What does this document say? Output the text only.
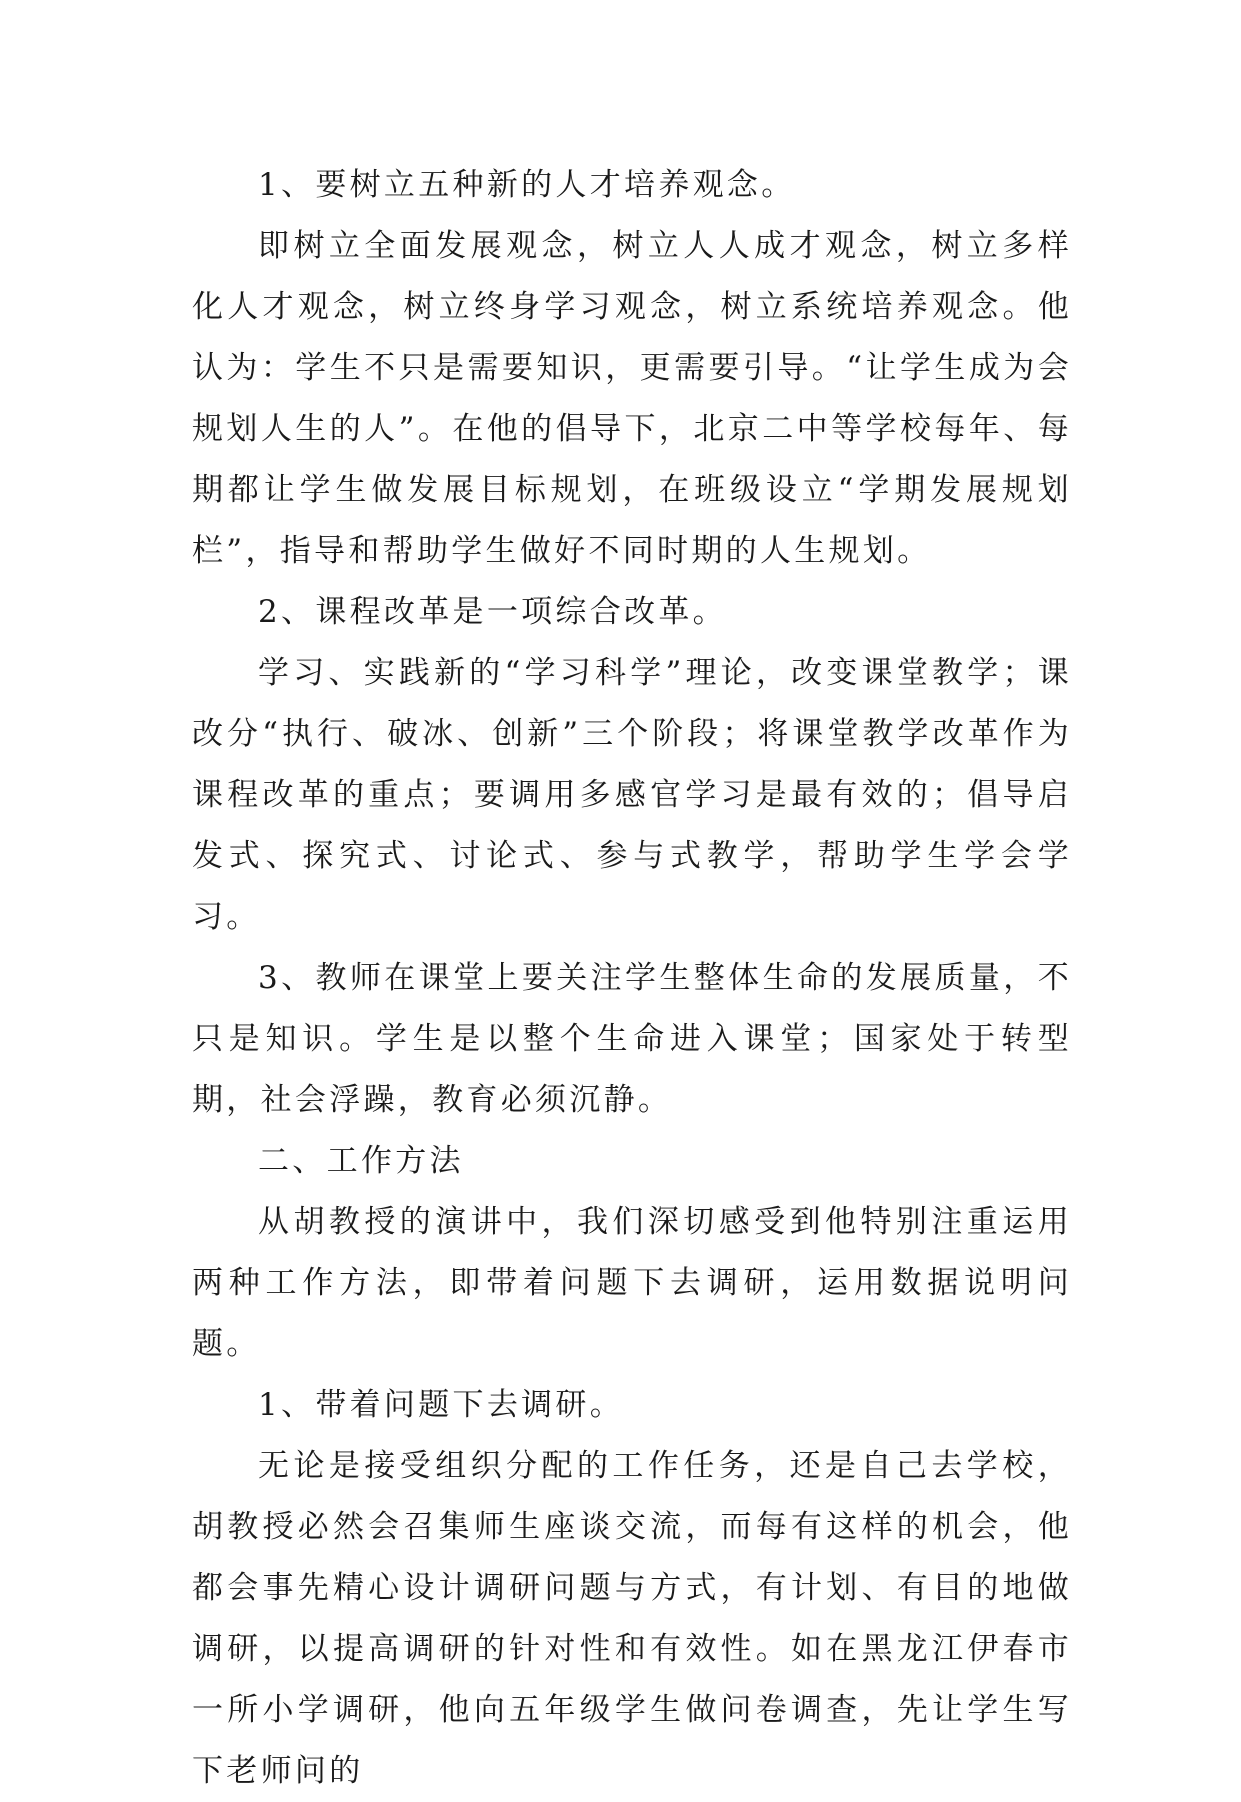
1、要树立五种新的人才培养观念。

即树立全面发展观念，树立人人成才观念，树立多样化人才观念，树立终身学习观念，树立系统培养观念。他认为：学生不只是需要知识，更需要引导。“让学生成为会规划人生的人”。在他的倡导下，北京二中等学校每年、每期都让学生做发展目标规划，在班级设立“学期发展规划栏”，指导和帮助学生做好不同时期的人生规划。

2、课程改革是一项综合改革。

学习、实践新的“学习科学”理论，改变课堂教学；课改分“执行、破冰、创新”三个阶段；将课堂教学改革作为课程改革的重点；要调用多感官学习是最有效的；倡导启发式、探究式、讨论式、参与式教学，帮助学生学会学习。

3、教师在课堂上要关注学生整体生命的发展质量，不只是知识。学生是以整个生命进入课堂；国家处于转型期，社会浮躁，教育必须沉静。

二、工作方法

从胡教授的演讲中，我们深切感受到他特别注重运用两种工作方法，即带着问题下去调研，运用数据说明问题。

1、带着问题下去调研。

无论是接受组织分配的工作任务，还是自己去学校，胡教授必然会召集师生座谈交流，而每有这样的机会，他都会事先精心设计调研问题与方式，有计划、有目的地做调研，以提高调研的针对性和有效性。如在黑龙江伊春市一所小学调研，他向五年级学生做问卷调查，先让学生写下老师问的
